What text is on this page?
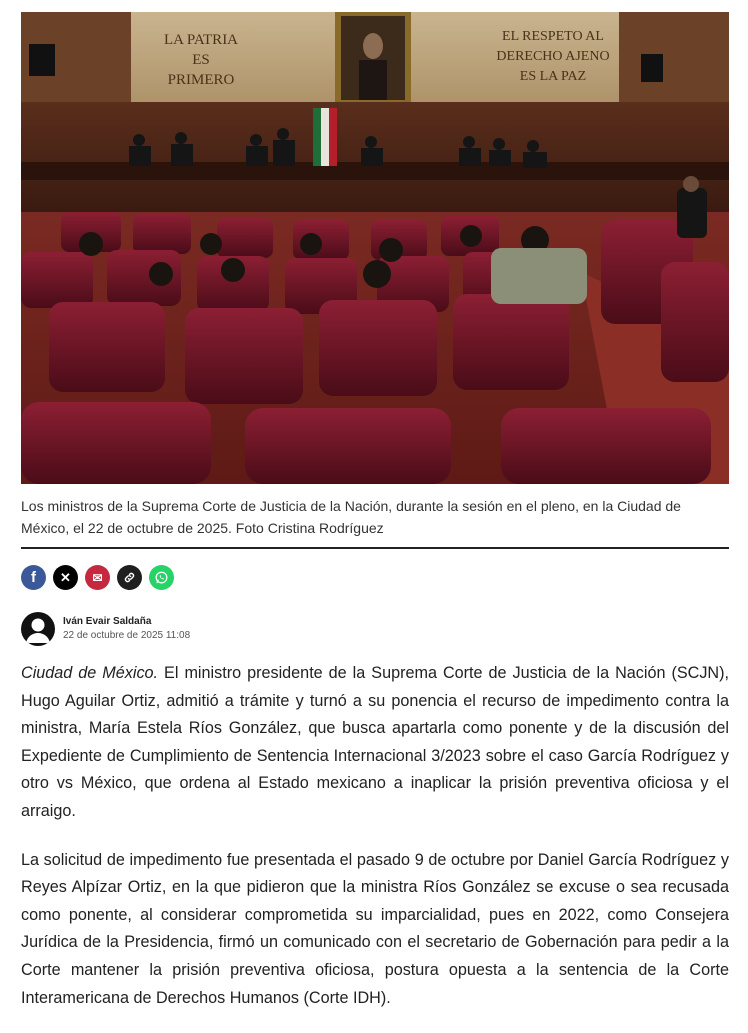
LA PATRIA
ES
PRIMERO
EL RESPETO AL
DERECHO AJENO
ES LA PAZ
Los ministros de la Suprema Corte de Justicia de la Nación, durante la sesión en el pleno, en la Ciudad de México, el 22 de octubre de 2025. Foto Cristina Rodríguez
f ✕ ✉
Iván Evair Saldaña
22 de octubre de 2025 11:08

Ciudad de México. El ministro presidente de la Suprema Corte de Justicia de la Nación (SCJN), Hugo Aguilar Ortiz, admitió a trámite y turnó a su ponencia el recurso de impedimento contra la ministra, María Estela Ríos González, que busca apartarla como ponente y de la discusión del Expediente de Cumplimiento de Sentencia Internacional 3/2023 sobre el caso García Rodríguez y otro vs México, que ordena al Estado mexicano a inaplicar la prisión preventiva oficiosa y el arraigo.

La solicitud de impedimento fue presentada el pasado 9 de octubre por Daniel García Rodríguez y Reyes Alpízar Ortiz, en la que pidieron que la ministra Ríos González se excuse o sea recusada como ponente, al considerar comprometida su imparcialidad, pues en 2022, como Consejera Jurídica de la Presidencia, firmó un comunicado con el secretario de Gobernación para pedir a la Corte mantener la prisión preventiva oficiosa, postura opuesta a la sentencia de la Corte Interamericana de Derechos Humanos (Corte IDH).
